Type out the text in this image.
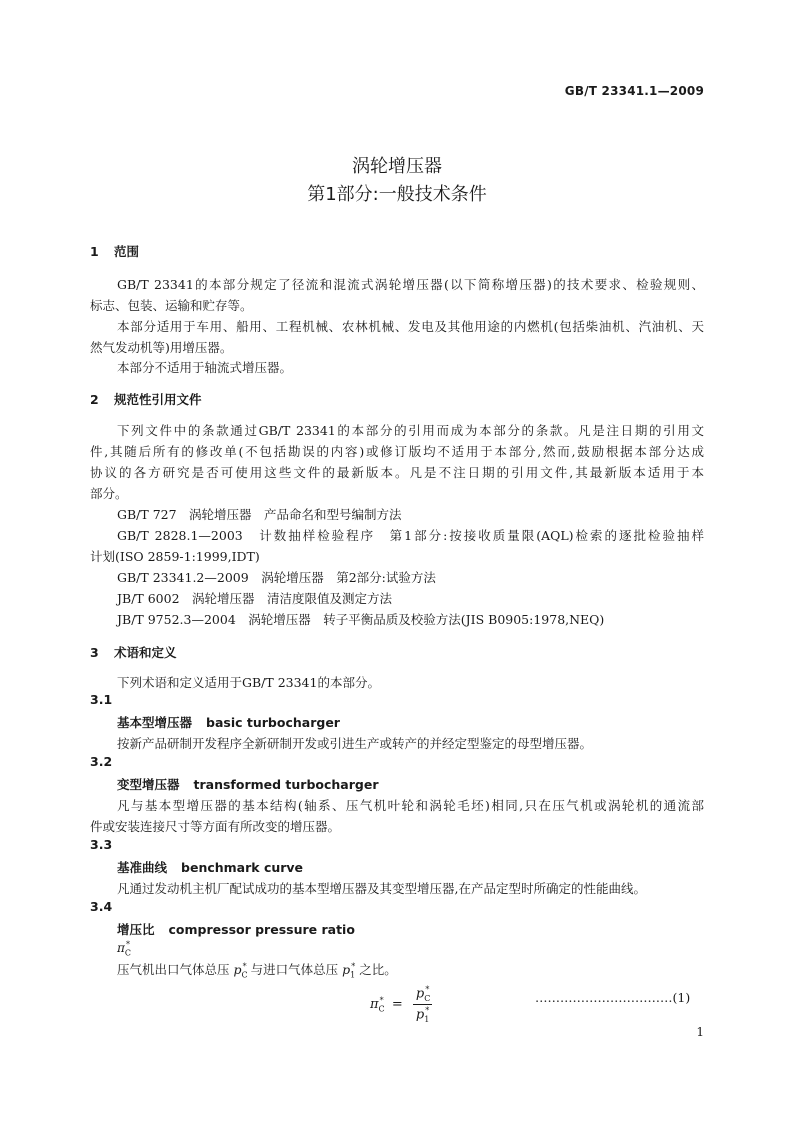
GB/T 23341.1—2009
涡轮增压器
第1部分:一般技术条件
1 范围
GB/T 23341的本部分规定了径流和混流式涡轮增压器(以下简称增压器)的技术要求、检验规则、
标志、包装、运输和贮存等。
本部分适用于车用、船用、工程机械、农林机械、发电及其他用途的内燃机(包括柴油机、汽油机、天
然气发动机等)用增压器。
本部分不适用于轴流式增压器。
2 规范性引用文件
下列文件中的条款通过GB/T 23341的本部分的引用而成为本部分的条款。凡是注日期的引用文
件,其随后所有的修改单(不包括勘误的内容)或修订版均不适用于本部分,然而,鼓励根据本部分达成
协议的各方研究是否可使用这些文件的最新版本。凡是不注日期的引用文件,其最新版本适用于本
部分。
GB/T 727　涡轮增压器　产品命名和型号编制方法
GB/T 2828.1—2003　计数抽样检验程序　第1部分:按接收质量限(AQL)检索的逐批检验抽样
计划(ISO 2859-1:1999,IDT)
GB/T 23341.2—2009　涡轮增压器　第2部分:试验方法
JB/T 6002　涡轮增压器　清洁度限值及测定方法
JB/T 9752.3—2004　涡轮增压器　转子平衡品质及校验方法(JIS B0905:1978,NEQ)
3 术语和定义
下列术语和定义适用于GB/T 23341的本部分。
3.1
基本型增压器 basic turbocharger
按新产品研制开发程序全新研制开发或引进生产或转产的并经定型鉴定的母型增压器。
3.2
变型增压器 transformed turbocharger
凡与基本型增压器的基本结构(轴系、压气机叶轮和涡轮毛坯)相同,只在压气机或涡轮机的通流部
件或安装连接尺寸等方面有所改变的增压器。
3.3
基准曲线 benchmark curve
凡通过发动机主机厂配试成功的基本型增压器及其变型增压器,在产品定型时所确定的性能曲线。
3.4
增压比 compressor pressure ratio
$\pi_C^*$
压气机出口气体总压 $p_C^*$ 与进口气体总压 $p_1^*$ 之比。
$\pi_C^* = \frac{p_C^*}{p_1^*}$	……………………………(1)
1
